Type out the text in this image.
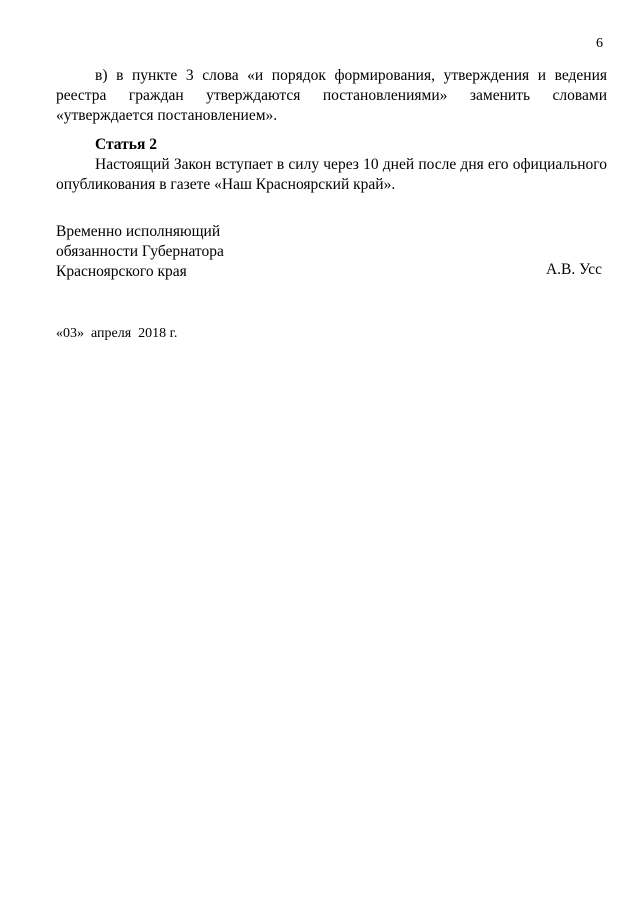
6

в) в пункте 3 слова «и порядок формирования, утверждения и ведения реестра граждан утверждаются постановлениями» заменить словами «утверждается постановлением».

Статья 2

Настоящий Закон вступает в силу через 10 дней после дня его официального опубликования в газете «Наш Красноярский край».

Временно исполняющий
обязанности Губернатора
Красноярского края	А.В. Усс
«03»  апреля  2018 г.
